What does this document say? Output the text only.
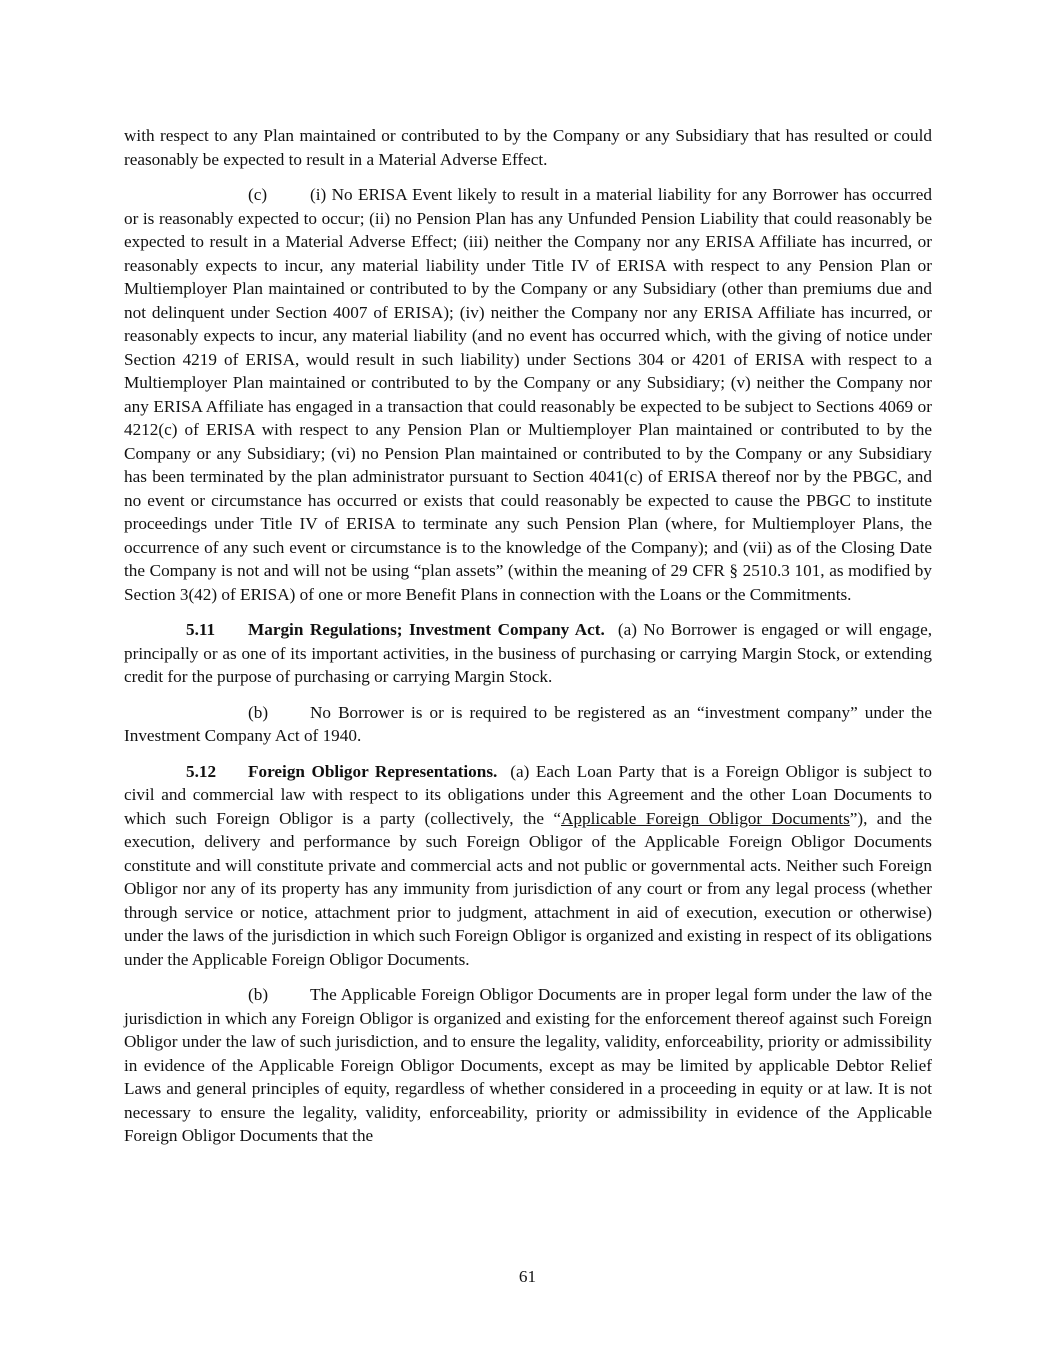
with respect to any Plan maintained or contributed to by the Company or any Subsidiary that has resulted or could reasonably be expected to result in a Material Adverse Effect.

(c) (i) No ERISA Event likely to result in a material liability for any Borrower has occurred or is reasonably expected to occur; (ii) no Pension Plan has any Unfunded Pension Liability that could reasonably be expected to result in a Material Adverse Effect; (iii) neither the Company nor any ERISA Affiliate has incurred, or reasonably expects to incur, any material liability under Title IV of ERISA with respect to any Pension Plan or Multiemployer Plan maintained or contributed to by the Company or any Subsidiary (other than premiums due and not delinquent under Section 4007 of ERISA); (iv) neither the Company nor any ERISA Affiliate has incurred, or reasonably expects to incur, any material liability (and no event has occurred which, with the giving of notice under Section 4219 of ERISA, would result in such liability) under Sections 304 or 4201 of ERISA with respect to a Multiemployer Plan maintained or contributed to by the Company or any Subsidiary; (v) neither the Company nor any ERISA Affiliate has engaged in a transaction that could reasonably be expected to be subject to Sections 4069 or 4212(c) of ERISA with respect to any Pension Plan or Multiemployer Plan maintained or contributed to by the Company or any Subsidiary; (vi) no Pension Plan maintained or contributed to by the Company or any Subsidiary has been terminated by the plan administrator pursuant to Section 4041(c) of ERISA thereof nor by the PBGC, and no event or circumstance has occurred or exists that could reasonably be expected to cause the PBGC to institute proceedings under Title IV of ERISA to terminate any such Pension Plan (where, for Multiemployer Plans, the occurrence of any such event or circumstance is to the knowledge of the Company); and (vii) as of the Closing Date the Company is not and will not be using “plan assets” (within the meaning of 29 CFR § 2510.3 101, as modified by Section 3(42) of ERISA) of one or more Benefit Plans in connection with the Loans or the Commitments.

5.11 Margin Regulations; Investment Company Act. (a) No Borrower is engaged or will engage, principally or as one of its important activities, in the business of purchasing or carrying Margin Stock, or extending credit for the purpose of purchasing or carrying Margin Stock.

(b) No Borrower is or is required to be registered as an “investment company” under the Investment Company Act of 1940.

5.12 Foreign Obligor Representations. (a) Each Loan Party that is a Foreign Obligor is subject to civil and commercial law with respect to its obligations under this Agreement and the other Loan Documents to which such Foreign Obligor is a party (collectively, the “Applicable Foreign Obligor Documents”), and the execution, delivery and performance by such Foreign Obligor of the Applicable Foreign Obligor Documents constitute and will constitute private and commercial acts and not public or governmental acts. Neither such Foreign Obligor nor any of its property has any immunity from jurisdiction of any court or from any legal process (whether through service or notice, attachment prior to judgment, attachment in aid of execution, execution or otherwise) under the laws of the jurisdiction in which such Foreign Obligor is organized and existing in respect of its obligations under the Applicable Foreign Obligor Documents.

(b) The Applicable Foreign Obligor Documents are in proper legal form under the law of the jurisdiction in which any Foreign Obligor is organized and existing for the enforcement thereof against such Foreign Obligor under the law of such jurisdiction, and to ensure the legality, validity, enforceability, priority or admissibility in evidence of the Applicable Foreign Obligor Documents, except as may be limited by applicable Debtor Relief Laws and general principles of equity, regardless of whether considered in a proceeding in equity or at law. It is not necessary to ensure the legality, validity, enforceability, priority or admissibility in evidence of the Applicable Foreign Obligor Documents that the

61
